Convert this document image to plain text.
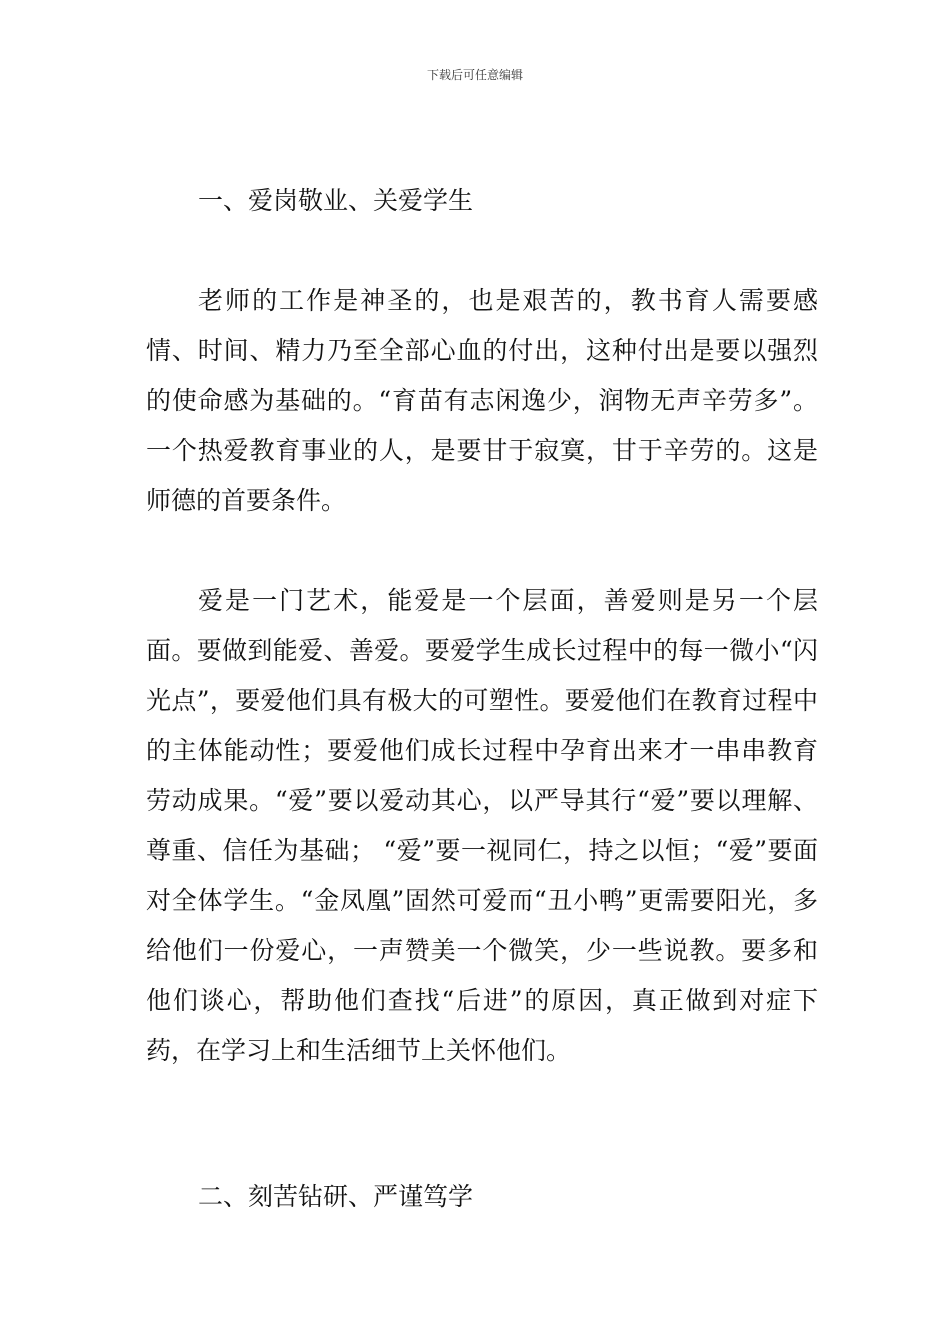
下载后可任意编辑
一、爱岗敬业、关爱学生
老师的工作是神圣的，也是艰苦的，教书育人需要感情、时间、精力乃至全部心血的付出，这种付出是要以强烈的使命感为基础的。“育苗有志闲逸少，润物无声辛劳多”。一个热爱教育事业的人，是要甘于寂寞，甘于辛劳的。这是师德的首要条件。
爱是一门艺术，能爱是一个层面，善爱则是另一个层面。要做到能爱、善爱。要爱学生成长过程中的每一微小“闪光点”，要爱他们具有极大的可塑性。要爱他们在教育过程中的主体能动性；要爱他们成长过程中孕育出来才一串串教育劳动成果。“爱”要以爱动其心，以严导其行“爱”要以理解、尊重、信任为基础； “爱”要一视同仁，持之以恒；“爱”要面对全体学生。“金凤凰”固然可爱而“丑小鸭”更需要阳光，多给他们一份爱心，一声赞美一个微笑，少一些说教。要多和他们谈心，帮助他们查找“后进”的原因，真正做到对症下药，在学习上和生活细节上关怀他们。
二、刻苦钻研、严谨笃学
